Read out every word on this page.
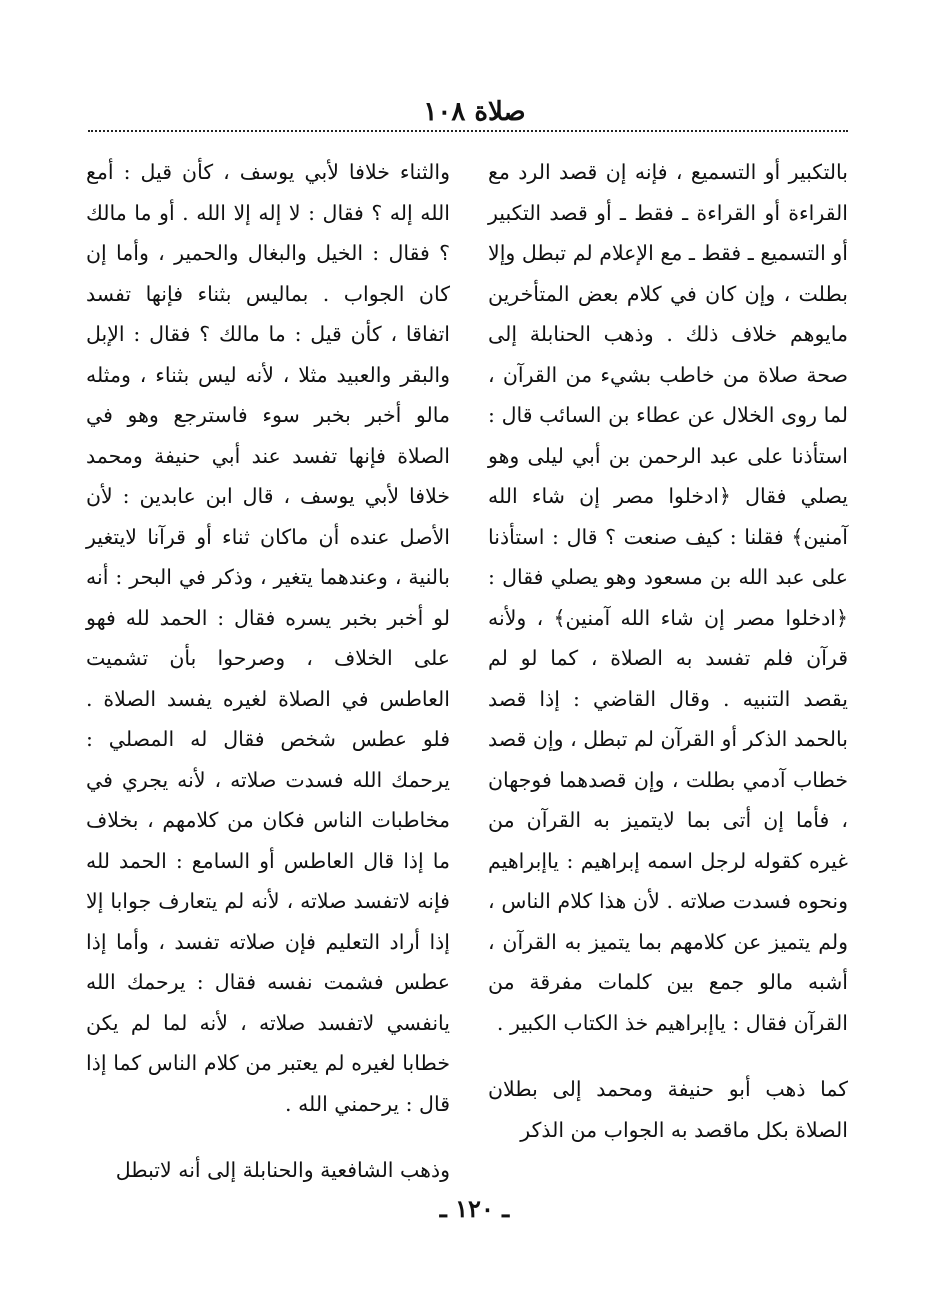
صلاة ١٠٨

بالتكبير أو التسميع ، فإنه إن قصد الرد مع القراءة أو القراءة ـ فقط ـ أو قصد التكبير أو التسميع ـ فقط ـ مع الإعلام لم تبطل وإلا بطلت ، وإن كان في كلام بعض المتأخرين مايوهم خلاف ذلك . وذهب الحنابلة إلى صحة صلاة من خاطب بشيء من القرآن ، لما روى الخلال عن عطاء بن السائب قال : استأذنا على عبد الرحمن بن أبي ليلى وهو يصلي فقال ﴿ادخلوا مصر إن شاء الله آمنين﴾ فقلنا : كيف صنعت ؟ قال : استأذنا على عبد الله بن مسعود وهو يصلي فقال : ﴿ادخلوا مصر إن شاء الله آمنين﴾ ، ولأنه قرآن فلم تفسد به الصلاة ، كما لو لم يقصد التنبيه . وقال القاضي : إذا قصد بالحمد الذكر أو القرآن لم تبطل ، وإن قصد خطاب آدمي بطلت ، وإن قصدهما فوجهان ، فأما إن أتى بما لايتميز به القرآن من غيره كقوله لرجل اسمه إبراهيم : ياإبراهيم ونحوه فسدت صلاته . لأن هذا كلام الناس ، ولم يتميز عن كلامهم بما يتميز به القرآن ، أشبه مالو جمع بين كلمات مفرقة من القرآن فقال : ياإبراهيم خذ الكتاب الكبير .

كما ذهب أبو حنيفة ومحمد إلى بطلان الصلاة بكل ماقصد به الجواب من الذكر

والثناء خلافا لأبي يوسف ، كأن قيل : أمع الله إله ؟ فقال : لا إله إلا الله . أو ما مالك ؟ فقال : الخيل والبغال والحمير ، وأما إن كان الجواب . بماليس بثناء فإنها تفسد اتفاقا ، كأن قيل : ما مالك ؟ فقال : الإبل والبقر والعبيد مثلا ، لأنه ليس بثناء ، ومثله مالو أخبر بخبر سوء فاسترجع وهو في الصلاة فإنها تفسد عند أبي حنيفة ومحمد خلافا لأبي يوسف ، قال ابن عابدين : لأن الأصل عنده أن ماكان ثناء أو قرآنا لايتغير بالنية ، وعندهما يتغير ، وذكر في البحر : أنه لو أخبر بخبر يسره فقال : الحمد لله فهو على الخلاف ، وصرحوا بأن تشميت العاطس في الصلاة لغيره يفسد الصلاة . فلو عطس شخص فقال له المصلي : يرحمك الله فسدت صلاته ، لأنه يجري في مخاطبات الناس فكان من كلامهم ، بخلاف ما إذا قال العاطس أو السامع : الحمد لله فإنه لاتفسد صلاته ، لأنه لم يتعارف جوابا إلا إذا أراد التعليم فإن صلاته تفسد ، وأما إذا عطس فشمت نفسه فقال : يرحمك الله يانفسي لاتفسد صلاته ، لأنه لما لم يكن خطابا لغيره لم يعتبر من كلام الناس كما إذا قال : يرحمني الله .

وذهب الشافعية والحنابلة إلى أنه لاتبطل

ـ ١٢٠ ـ
